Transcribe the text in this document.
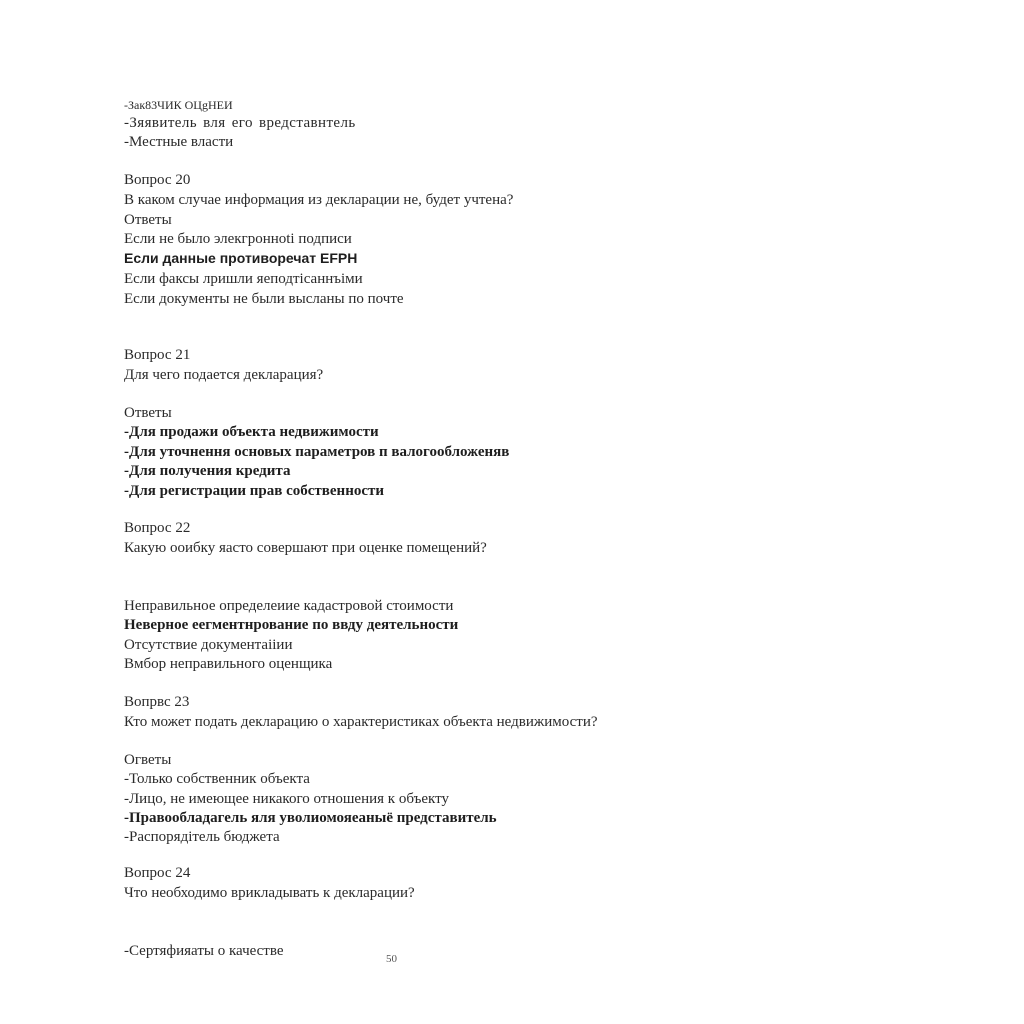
-Зак83ЧИК ОЦgНЕИ
-Зяявитель вля его вредставнтель
-Местные власти
Вопрос 20
В каком случае информация из декларации не, будет учтена?
Ответы
Если не было элекгронноti подписи
Если данные противоречат ЕFРН
Если факсы лришли яеподтiсаннъiми
Если документы не были высланы по почте
Вопрос 21
Для чего подается декларация?
Ответы
-Для продажи объекта недвижимости
-Для уточнення основых параметров п валогообложеняв
-Для получения кредита
-Для регистрации прав собственности
Вопрос 22
Какую ооибку яасто совершают при оценке помещений?
Неправильное определеиие кадастровой стоимости
Неверное еегментнрование по ввду деятельности
Отсутствие документаiiии
Вмбор неправильного оценщика
Вопрвс 23
Кто может подать декларацию о характеристиках объекта недвижимости?
Огветы
-Только собственник объекта
-Лицо, не имеющее никакого отношения к объекту
-Правообладагель яля уволиомояеаныё представитель
-Распорядiтель бюджета
Вопрос 24
Что необходимо врикладывать к декларации?
-Сертяфияаты о качестве	50
